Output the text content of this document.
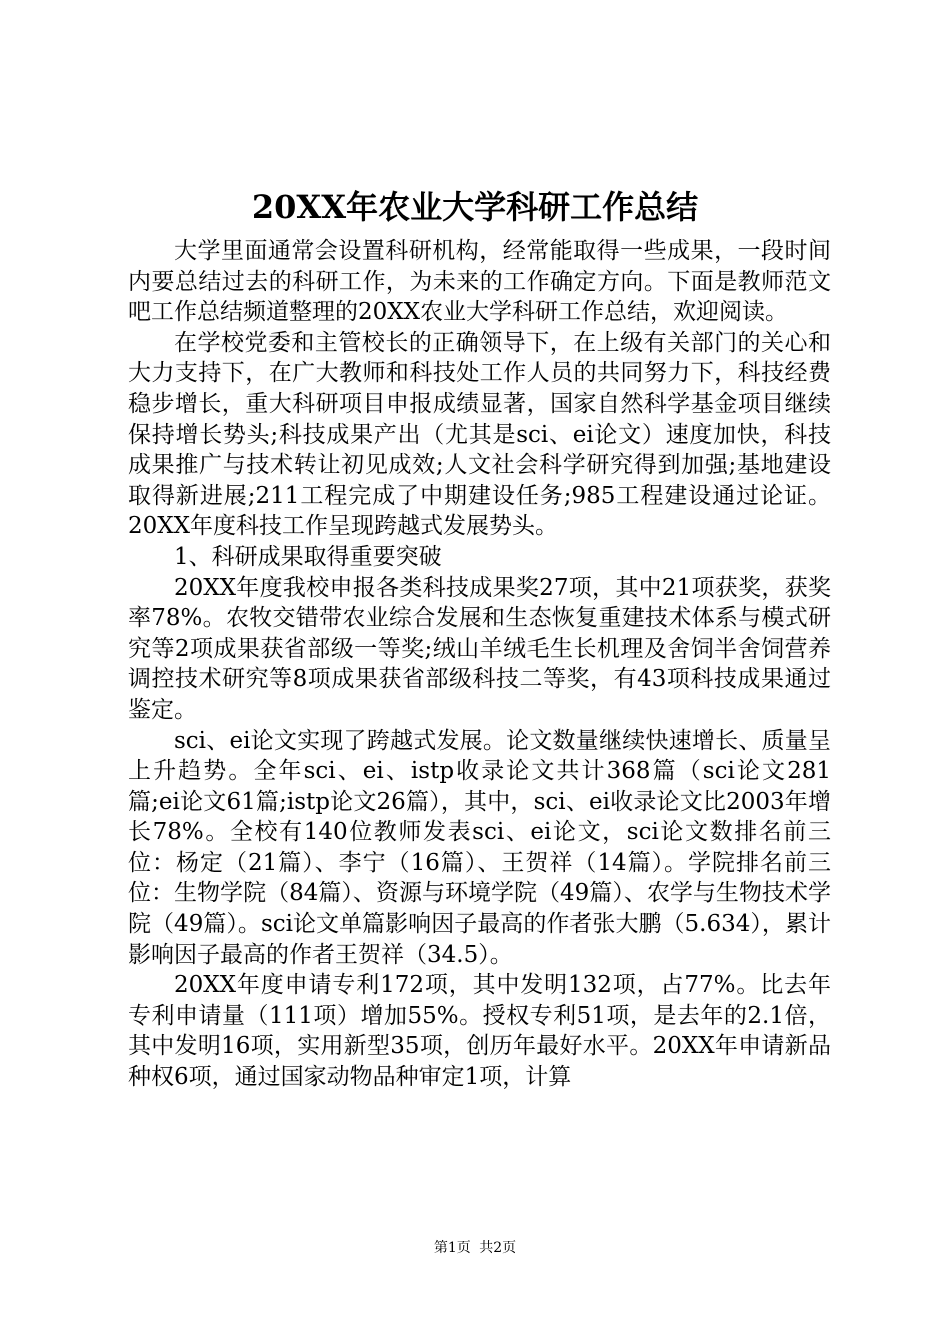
20XX年农业大学科研工作总结

大学里面通常会设置科研机构，经常能取得一些成果，一段时间内要总结过去的科研工作，为未来的工作确定方向。下面是教师范文吧工作总结频道整理的20XX农业大学科研工作总结，欢迎阅读。

在学校党委和主管校长的正确领导下，在上级有关部门的关心和大力支持下，在广大教师和科技处工作人员的共同努力下，科技经费稳步增长，重大科研项目申报成绩显著，国家自然科学基金项目继续保持增长势头;科技成果产出（尤其是sci、ei论文）速度加快，科技成果推广与技术转让初见成效;人文社会科学研究得到加强;基地建设取得新进展;211工程完成了中期建设任务;985工程建设通过论证。20XX年度科技工作呈现跨越式发展势头。

1、科研成果取得重要突破

20XX年度我校申报各类科技成果奖27项，其中21项获奖，获奖率78%。农牧交错带农业综合发展和生态恢复重建技术体系与模式研究等2项成果获省部级一等奖;绒山羊绒毛生长机理及舍饲半舍饲营养调控技术研究等8项成果获省部级科技二等奖，有43项科技成果通过鉴定。

sci、ei论文实现了跨越式发展。论文数量继续快速增长、质量呈上升趋势。全年sci、ei、istp收录论文共计368篇（sci论文281篇;ei论文61篇;istp论文26篇），其中，sci、ei收录论文比2003年增长78%。全校有140位教师发表sci、ei论文，sci论文数排名前三位：杨定（21篇）、李宁（16篇）、王贺祥（14篇）。学院排名前三位：生物学院（84篇）、资源与环境学院（49篇）、农学与生物技术学院（49篇）。sci论文单篇影响因子最高的作者张大鹏（5.634），累计影响因子最高的作者王贺祥（34.5）。

20XX年度申请专利172项，其中发明132项，占77%。比去年专利申请量（111项）增加55%。授权专利51项，是去年的2.1倍，其中发明16项，实用新型35项，创历年最好水平。20XX年申请新品种权6项，通过国家动物品种审定1项，计算

第1页 共2页
